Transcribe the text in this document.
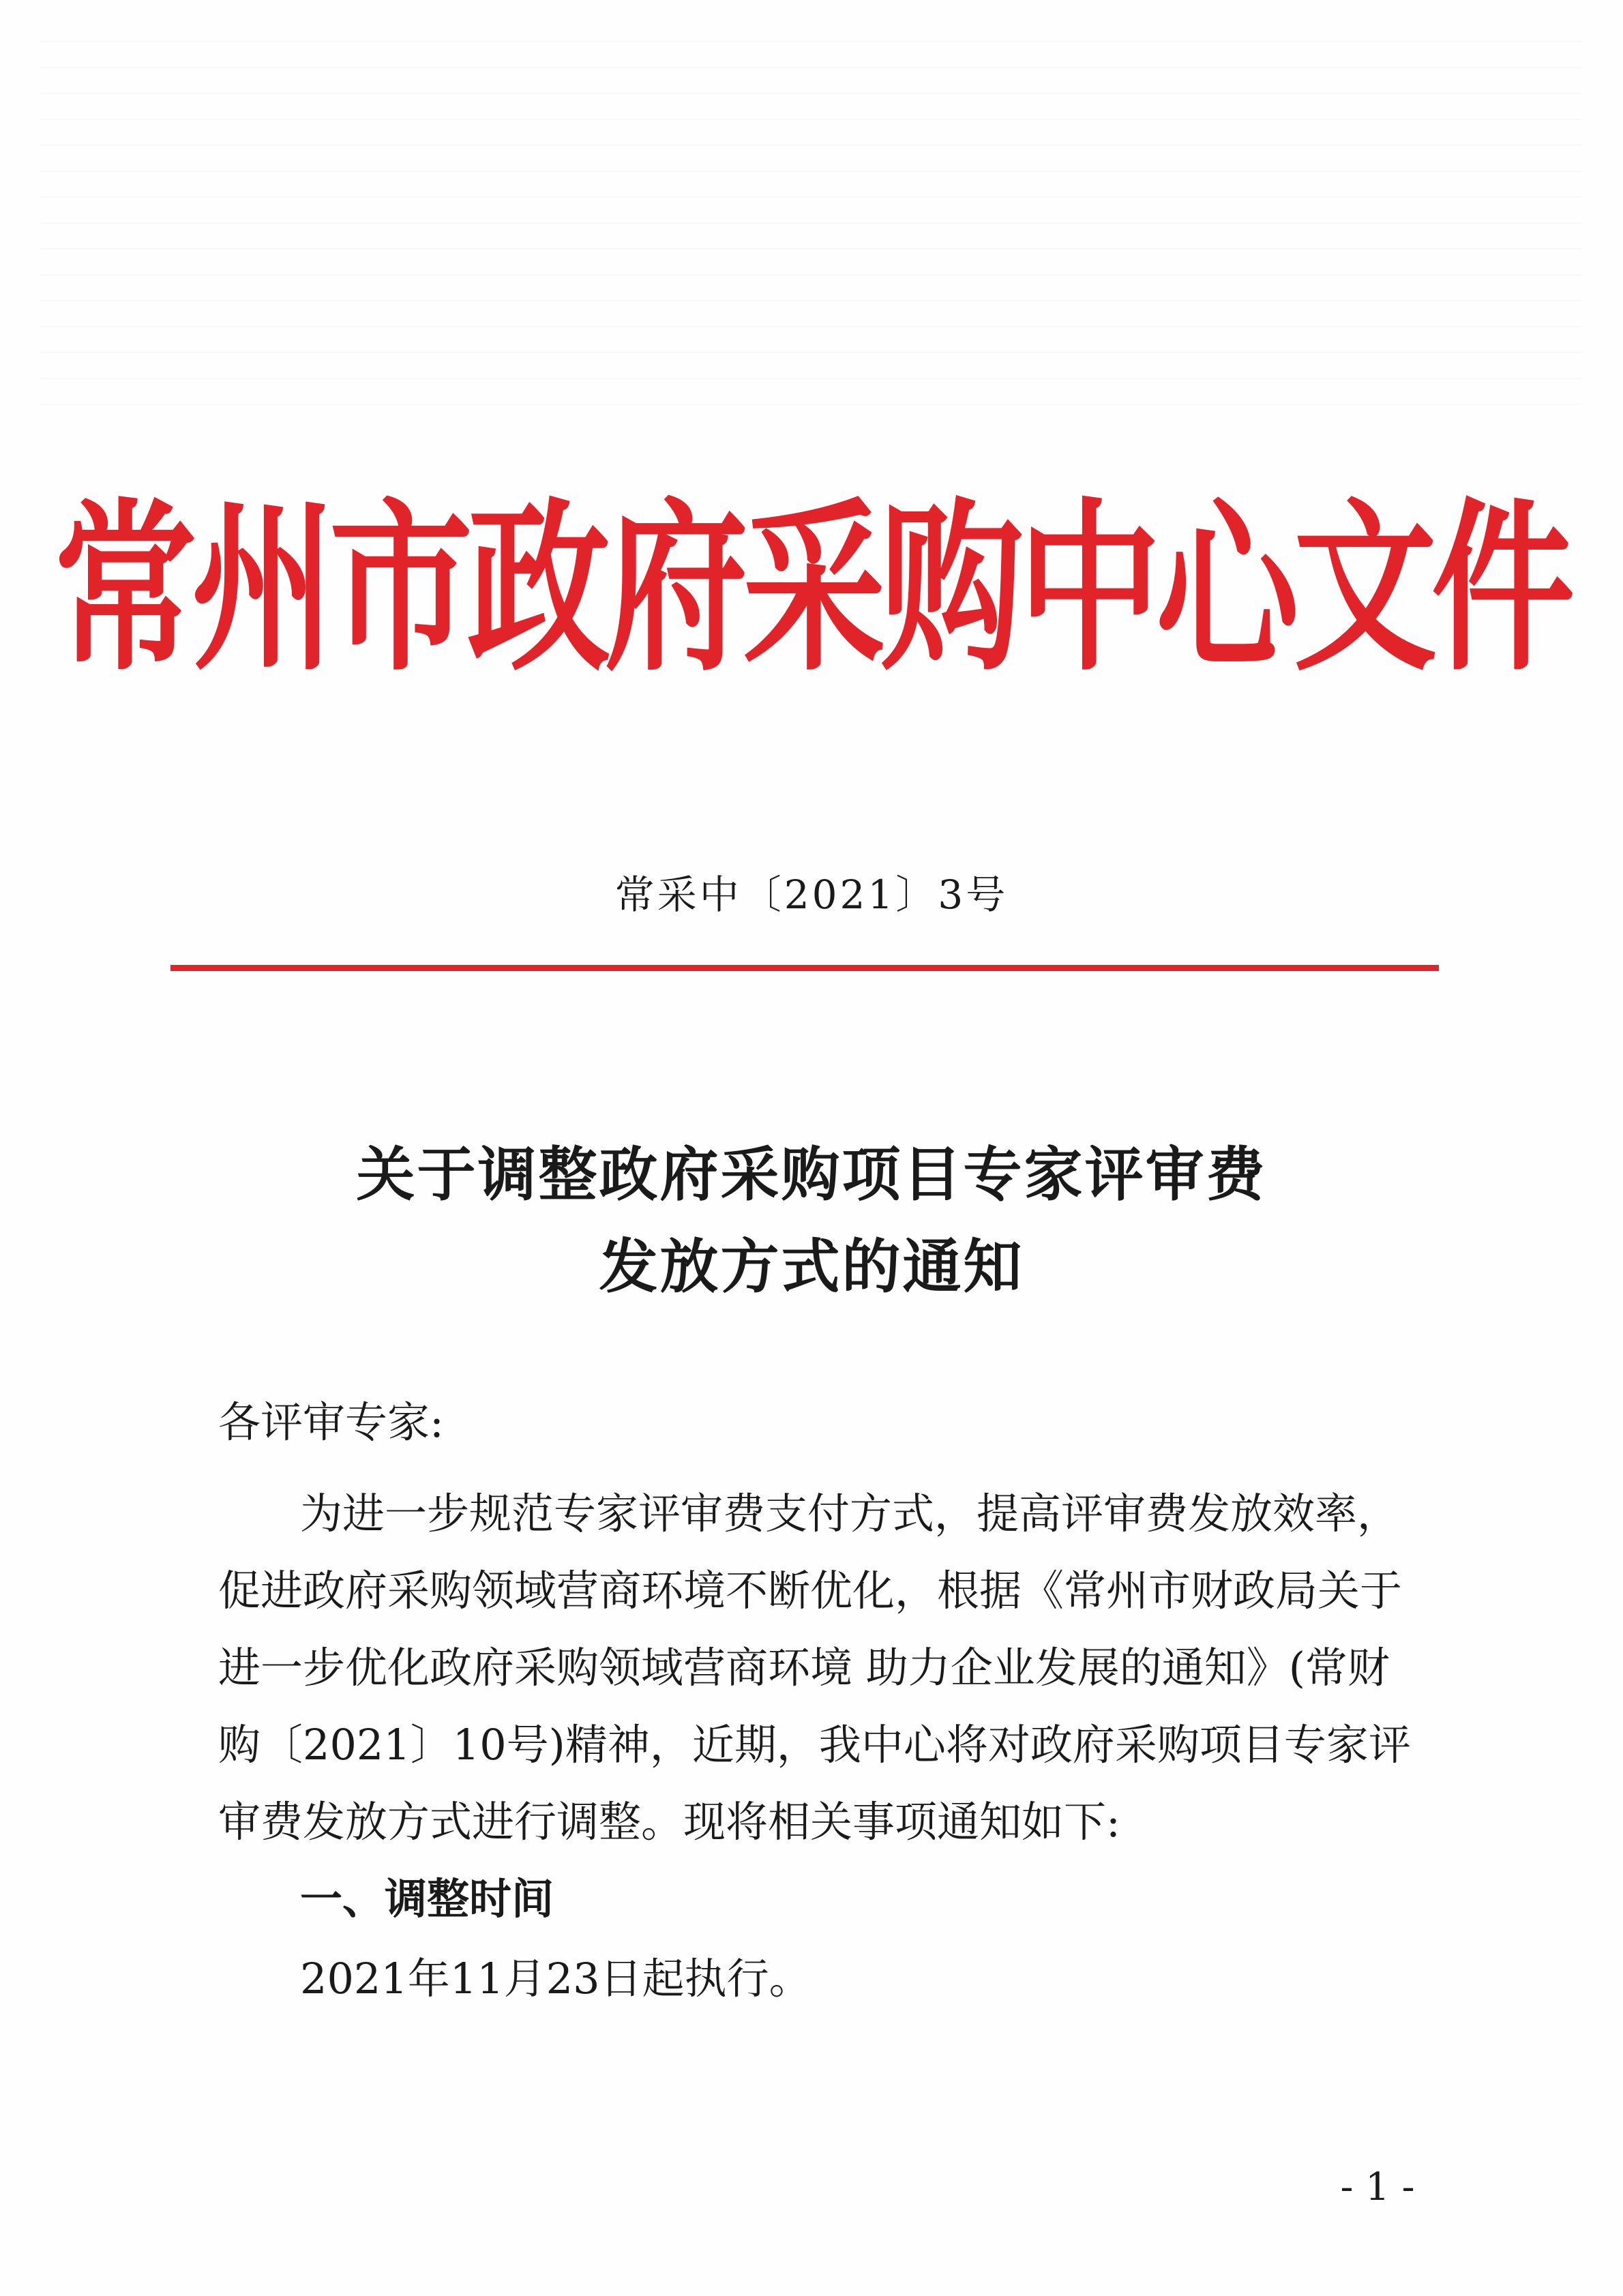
常州市政府采购中心文件
常采中〔2021〕3号
关于调整政府采购项目专家评审费
发放方式的通知
各评审专家:
为进一步规范专家评审费支付方式，提高评审费发放效率，
促进政府采购领域营商环境不断优化，根据《常州市财政局关于
进一步优化政府采购领域营商环境 助力企业发展的通知》(常财
购〔2021〕10号)精神，近期，我中心将对政府采购项目专家评
审费发放方式进行调整。现将相关事项通知如下:
一、调整时间
2021年11月23日起执行。
- 1 -
